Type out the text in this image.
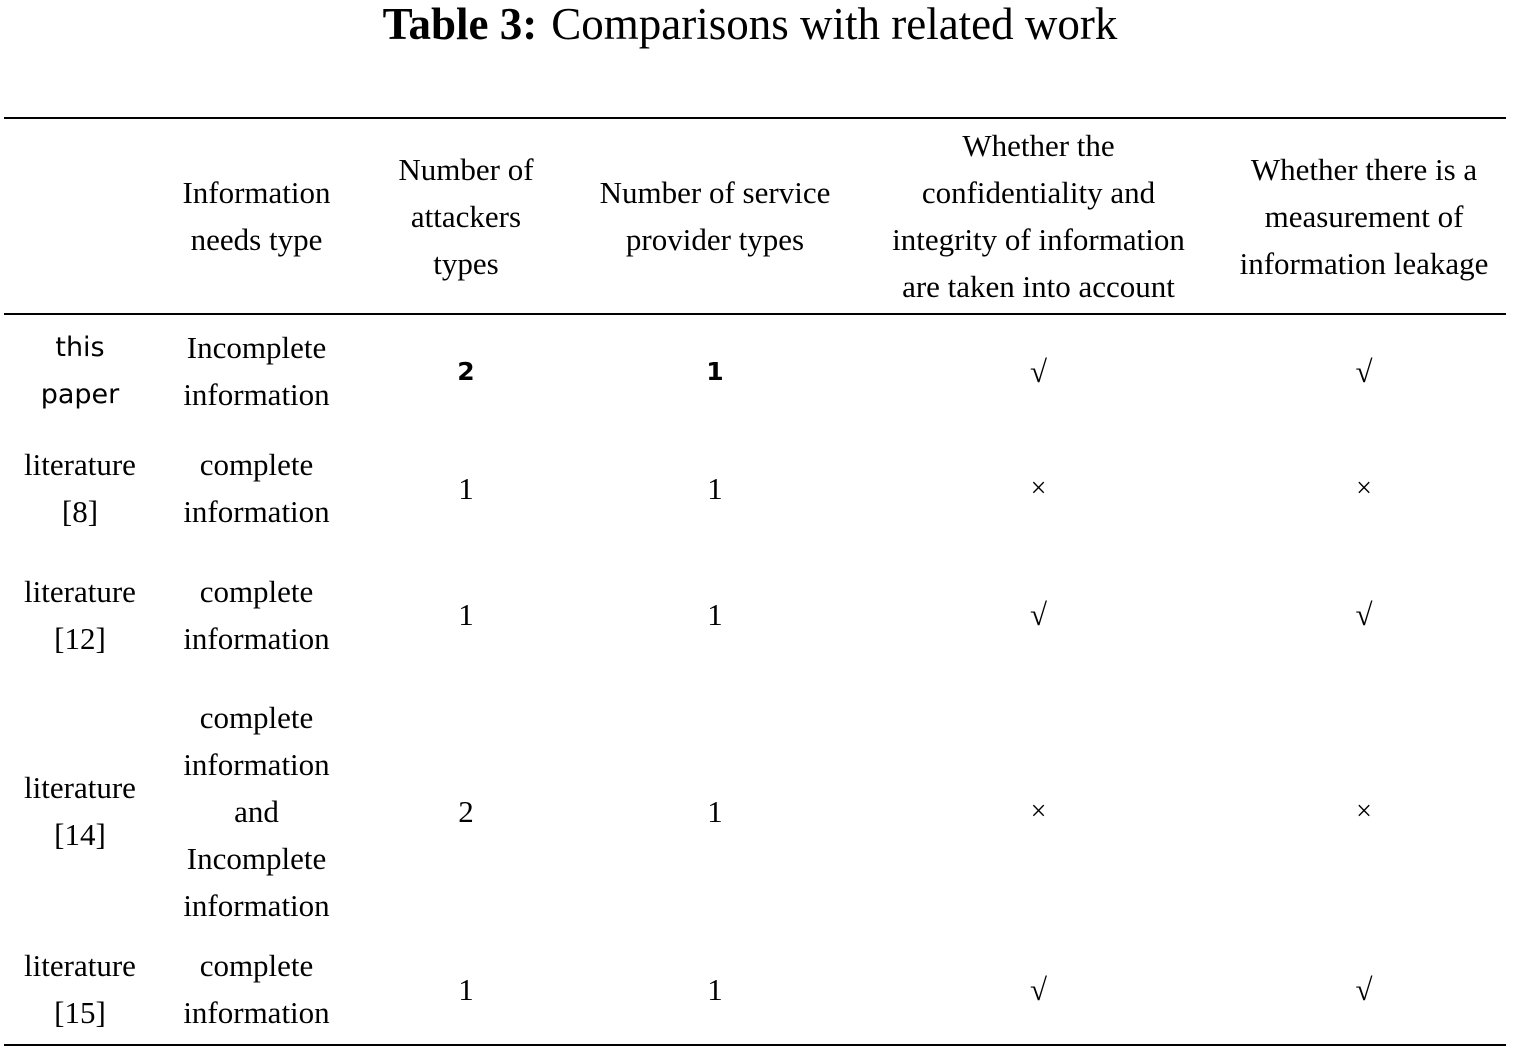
Table 3: Comparisons with related work

	Information
needs type	Number of
attackers
types	Number of service
provider types	Whether the
confidentiality and
integrity of information
are taken into account	Whether there is a
measurement of
information leakage

this
paper	Incomplete
information	2	1	√	√

literature
[8]	complete
information	1	1	×	×

literature
[12]	complete
information	1	1	√	√

literature
[14]	complete
information
and
Incomplete
information	2	1	×	×

literature
[15]	complete
information	1	1	√	√
